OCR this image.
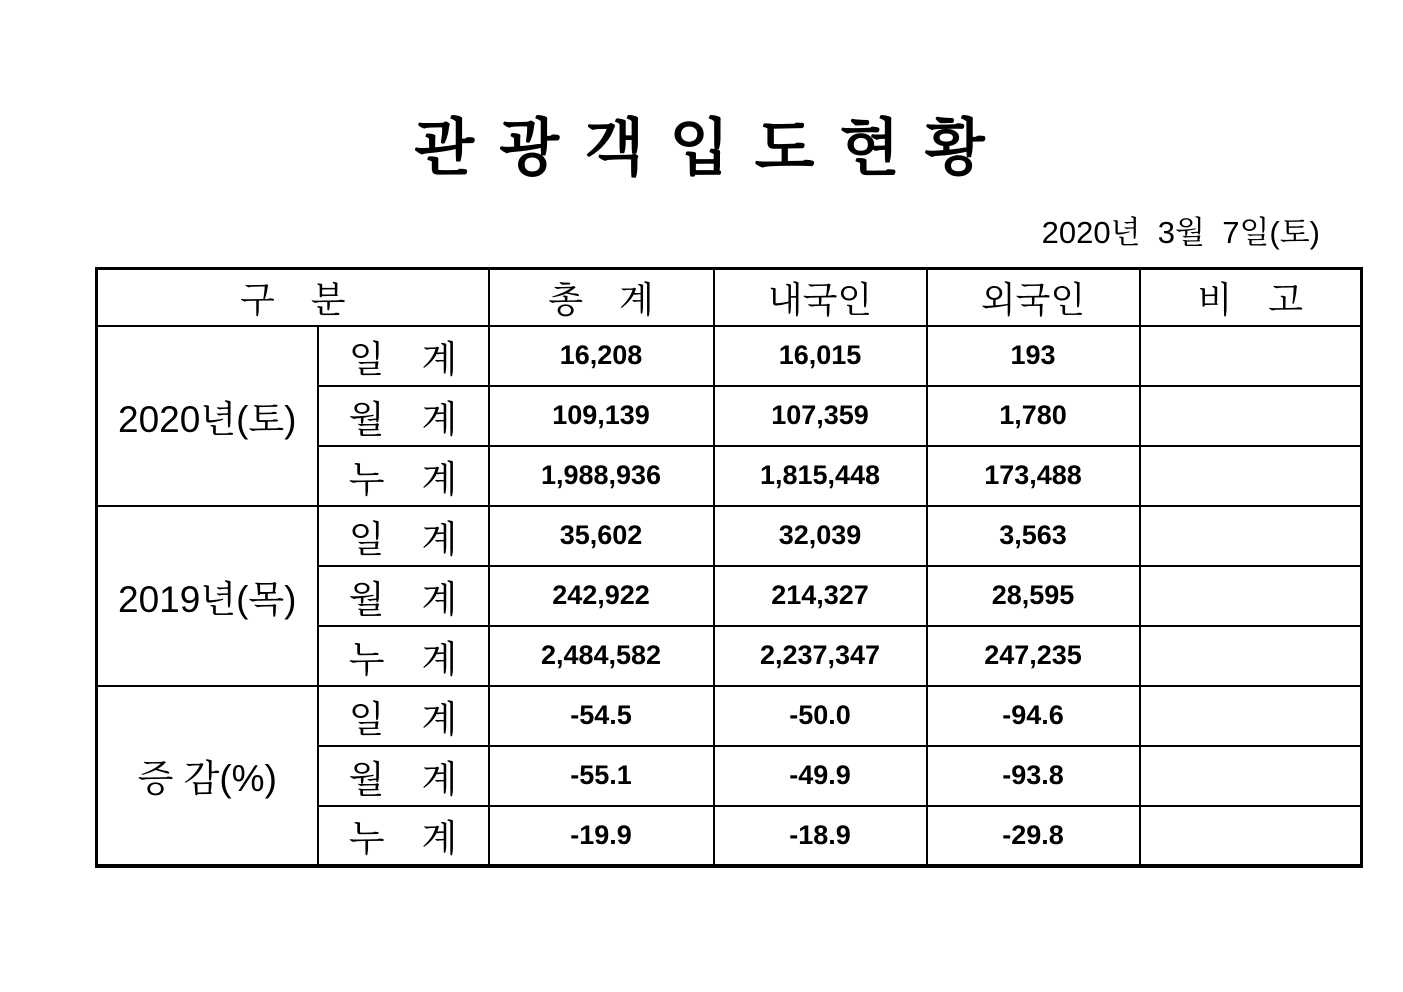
관 광 객 입 도 현 황
2020년  3월  7일(토)
구　분		총　계	내국인	외국인	비　고
2020년(토)	일　계	16,208	16,015	193	
	월　계	109,139	107,359	1,780	
	누　계	1,988,936	1,815,448	173,488	
2019년(목)	일　계	35,602	32,039	3,563	
	월　계	242,922	214,327	28,595	
	누　계	2,484,582	2,237,347	247,235	
증 감(%)	일　계	-54.5	-50.0	-94.6	
	월　계	-55.1	-49.9	-93.8	
	누　계	-19.9	-18.9	-29.8	
